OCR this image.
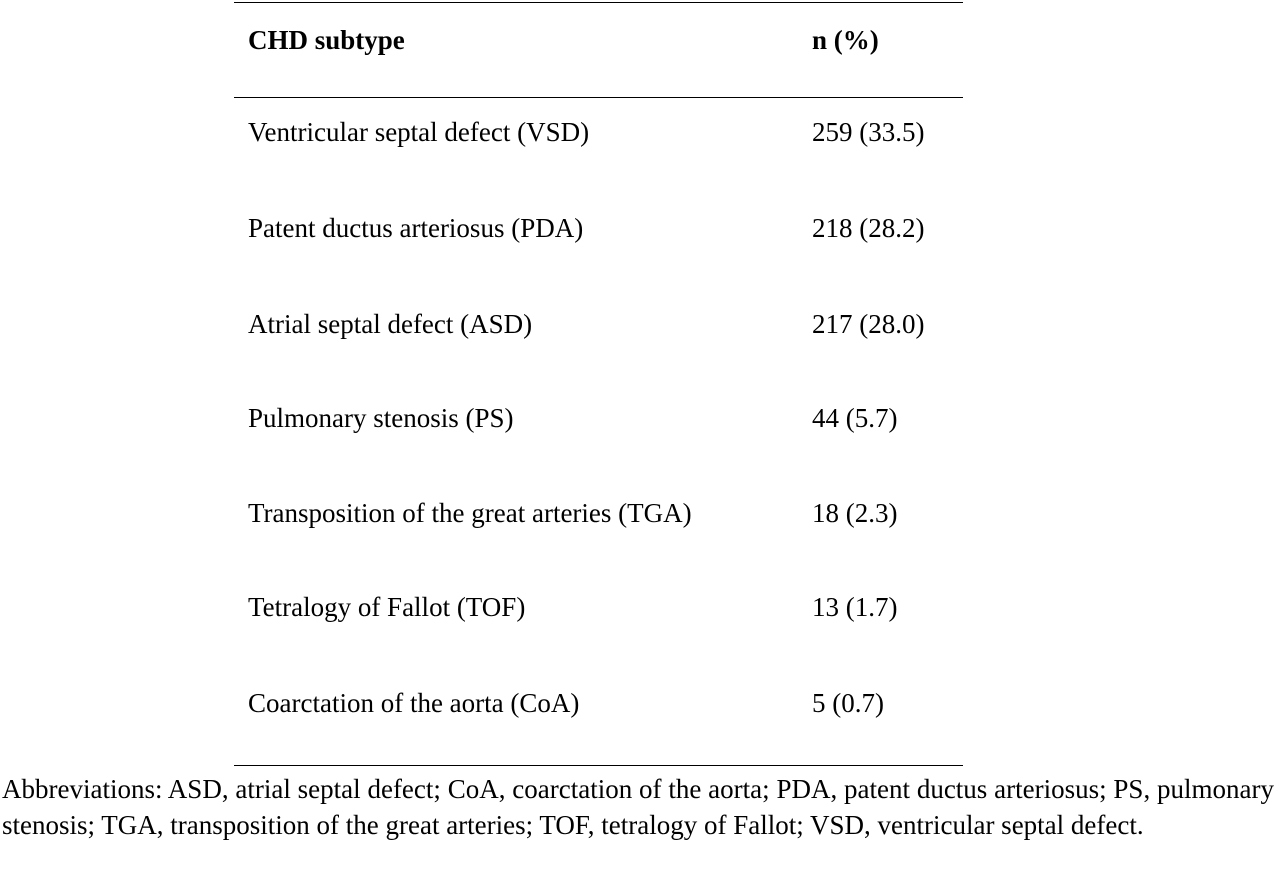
CHD subtype	n (%)
Ventricular septal defect (VSD)	259 (33.5)
Patent ductus arteriosus (PDA)	218 (28.2)
Atrial septal defect (ASD)	217 (28.0)
Pulmonary stenosis (PS)	44 (5.7)
Transposition of the great arteries (TGA)	18 (2.3)
Tetralogy of Fallot (TOF)	13 (1.7)
Coarctation of the aorta (CoA)	5 (0.7)
Abbreviations: ASD, atrial septal defect; CoA, coarctation of the aorta; PDA, patent ductus arteriosus; PS, pulmonary stenosis; TGA, transposition of the great arteries; TOF, tetralogy of Fallot; VSD, ventricular septal defect.
